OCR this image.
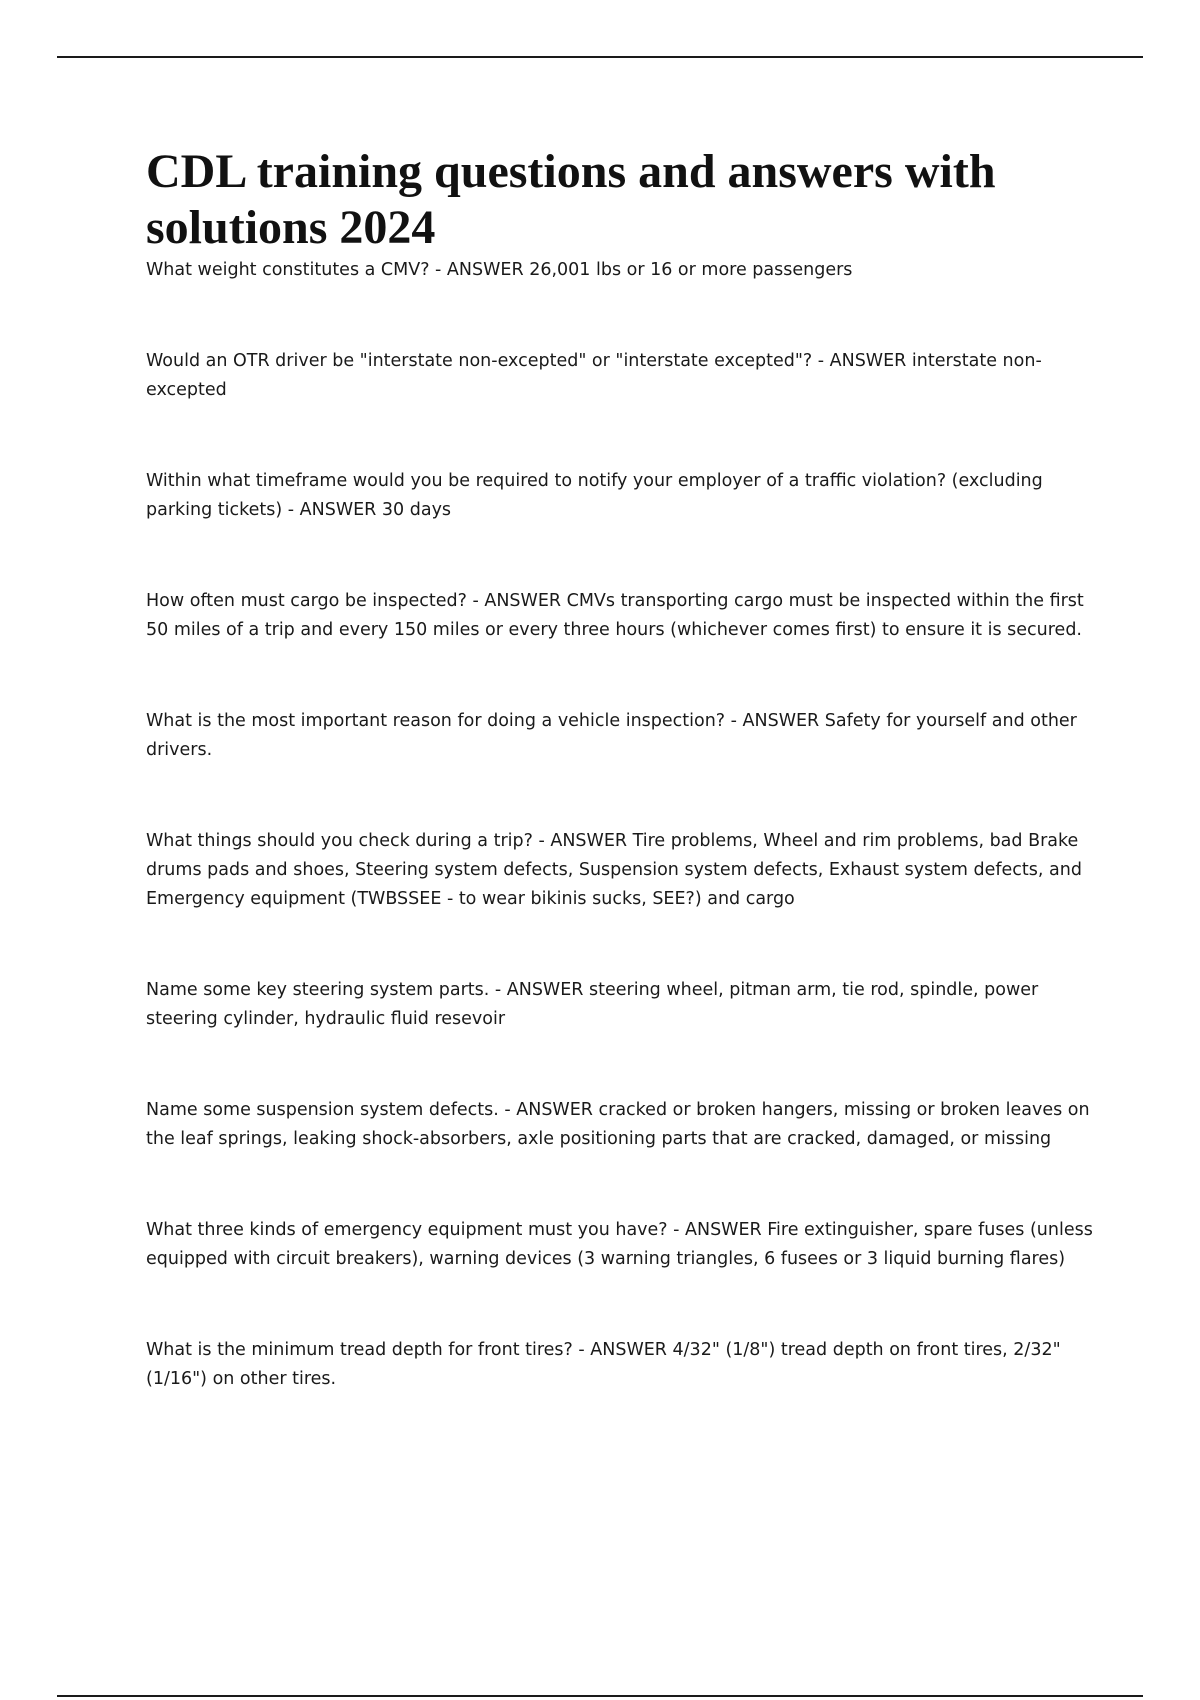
CDL training questions and answers with
solutions 2024

What weight constitutes a CMV? - ANSWER 26,001 lbs or 16 or more passengers

Would an OTR driver be "interstate non-excepted" or "interstate excepted"? - ANSWER interstate non-excepted

Within what timeframe would you be required to notify your employer of a traffic violation? (excluding parking tickets) - ANSWER 30 days

How often must cargo be inspected? - ANSWER CMVs transporting cargo must be inspected within the first 50 miles of a trip and every 150 miles or every three hours (whichever comes first) to ensure it is secured.

What is the most important reason for doing a vehicle inspection? - ANSWER Safety for yourself and other drivers.

What things should you check during a trip? - ANSWER Tire problems, Wheel and rim problems, bad Brake drums pads and shoes, Steering system defects, Suspension system defects, Exhaust system defects, and Emergency equipment (TWBSSEE - to wear bikinis sucks, SEE?) and cargo

Name some key steering system parts. - ANSWER steering wheel, pitman arm, tie rod, spindle, power steering cylinder, hydraulic fluid resevoir

Name some suspension system defects. - ANSWER cracked or broken hangers, missing or broken leaves on the leaf springs, leaking shock-absorbers, axle positioning parts that are cracked, damaged, or missing

What three kinds of emergency equipment must you have? - ANSWER Fire extinguisher, spare fuses (unless equipped with circuit breakers), warning devices (3 warning triangles, 6 fusees or 3 liquid burning flares)

What is the minimum tread depth for front tires? - ANSWER 4/32" (1/8") tread depth on front tires, 2/32" (1/16") on other tires.
